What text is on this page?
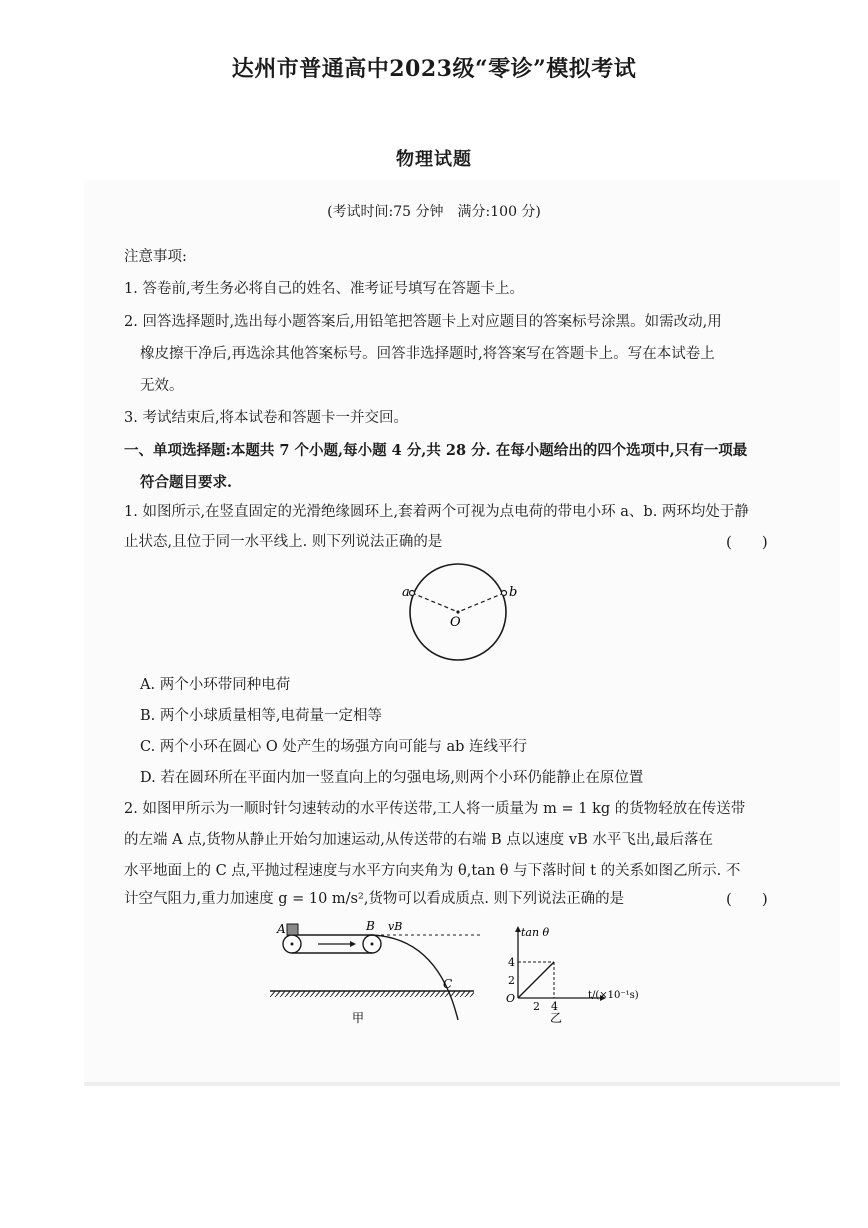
达州市普通高中2023级“零诊”模拟考试
物理试题
(考试时间:75 分钟　满分:100 分)
注意事项:
1. 答卷前,考生务必将自己的姓名、准考证号填写在答题卡上。
2. 回答选择题时,选出每小题答案后,用铅笔把答题卡上对应题目的答案标号涂黑。如需改动,用
橡皮擦干净后,再选涂其他答案标号。回答非选择题时,将答案写在答题卡上。写在本试卷上
无效。
3. 考试结束后,将本试卷和答题卡一并交回。
一、单项选择题:本题共 7 个小题,每小题 4 分,共 28 分. 在每小题给出的四个选项中,只有一项最
符合题目要求.
1. 如图所示,在竖直固定的光滑绝缘圆环上,套着两个可视为点电荷的带电小环 a、b. 两环均处于静
止状态,且位于同一水平线上. 则下列说法正确的是	(　　)
a	b
O
A. 两个小环带同种电荷
B. 两个小球质量相等,电荷量一定相等
C. 两个小环在圆心 O 处产生的场强方向可能与 ab 连线平行
D. 若在圆环所在平面内加一竖直向上的匀强电场,则两个小环仍能静止在原位置
2. 如图甲所示为一顺时针匀速转动的水平传送带,工人将一质量为 m = 1 kg 的货物轻放在传送带
的左端 A 点,货物从静止开始匀加速运动,从传送带的右端 B 点以速度 vB 水平飞出,最后落在
水平地面上的 C 点,平抛过程速度与水平方向夹角为 θ,tan θ 与下落时间 t 的关系如图乙所示. 不
计空气阻力,重力加速度 g = 10 m/s²,货物可以看成质点. 则下列说法正确的是	(　　)
A	B vB
C
甲
2
4
2 4
tan θ
t/(×10⁻¹s)
O
乙
